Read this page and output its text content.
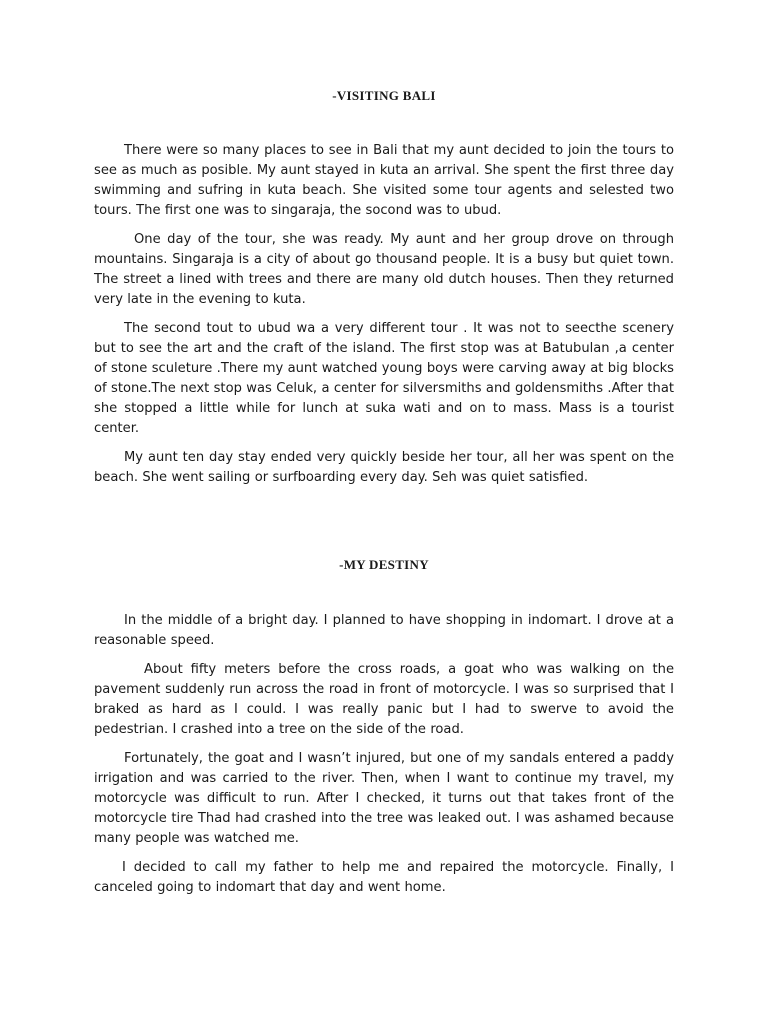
-VISITING BALI

There were so many places to see in Bali that my aunt decided to join the tours to see as much as posible. My aunt stayed in kuta an arrival. She spent the first three day swimming and sufring in kuta beach. She visited some tour agents and selested two tours. The first one was to singaraja, the socond was to ubud.

One day of the tour, she was ready. My aunt and her group drove on through mountains. Singaraja is a city of about go thousand people. It is a busy but quiet town. The street a lined with trees and there are many old dutch houses. Then they returned very late in the evening to kuta.

The second tout to ubud wa a very different tour . It was not to seecthe scenery but to see the art and the craft of the island. The first stop was at Batubulan ,a center of stone sculeture .There my aunt watched young boys were carving away at big blocks of stone.The next stop was Celuk, a center for silversmiths and goldensmiths .After that she stopped a little while for lunch at suka wati and on to mass. Mass is a tourist center.

My aunt ten day stay ended very quickly beside her tour, all her was spent on the beach. She went sailing or surfboarding every day. Seh was quiet satisfied.

-MY DESTINY

In the middle of a bright day. I planned to have shopping in indomart. I drove at a reasonable speed.

About fifty meters before the cross roads, a goat who was walking on the pavement suddenly run across the road in front of motorcycle. I was so surprised that I braked as hard as I could. I was really panic but I had to swerve to avoid the pedestrian. I crashed into a tree on the side of the road.

Fortunately, the goat and I wasn’t injured, but one of my sandals entered a paddy irrigation and was carried to the river. Then, when I want to continue my travel, my motorcycle was difficult to run. After I checked, it turns out that takes front of the motorcycle tire Thad had crashed into the tree was leaked out. I was ashamed because many people was watched me.

I decided to call my father to help me and repaired the motorcycle. Finally, I canceled going to indomart that day and went home.
